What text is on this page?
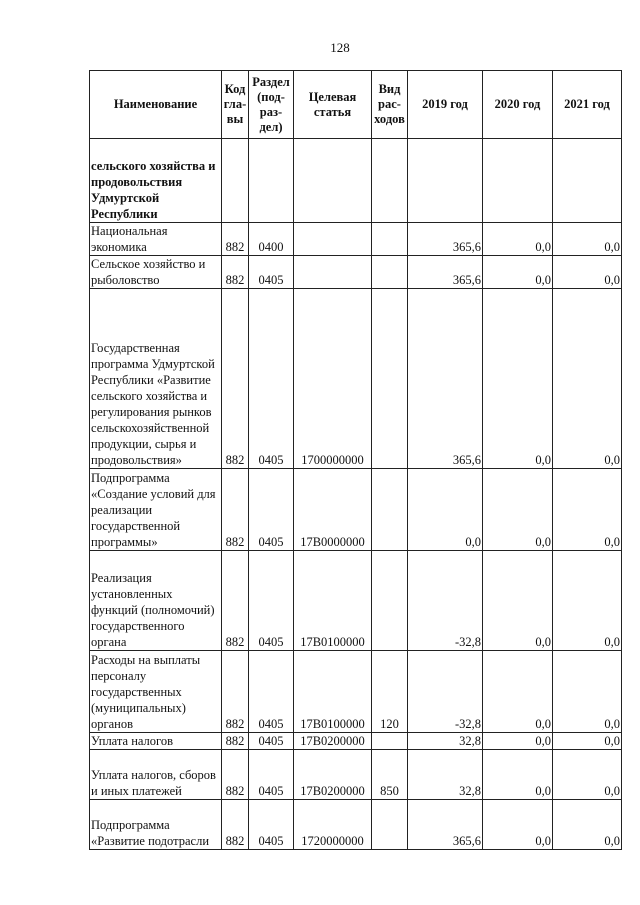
128
Наименование	Код гла-вы	Раздел (под-раз-дел)	Целевая статья	Вид рас-ходов	2019 год	2020 год	2021 год
сельского хозяйства и продовольствия Удмуртской Республики							
Национальная экономика	882	0400			365,6	0,0	0,0
Сельское хозяйство и рыболовство	882	0405			365,6	0,0	0,0
Государственная программа Удмуртской Республики «Развитие сельского хозяйства и регулирования рынков сельскохозяйственной продукции, сырья и продовольствия»	882	0405	1700000000		365,6	0,0	0,0
Подпрограмма «Создание условий для реализации государственной программы»	882	0405	17В0000000		0,0	0,0	0,0
Реализация установленных функций (полномочий) государственного органа	882	0405	17В0100000		-32,8	0,0	0,0
Расходы на выплаты персоналу государственных (муниципальных) органов	882	0405	17В0100000	120	-32,8	0,0	0,0
Уплата налогов	882	0405	17В0200000		32,8	0,0	0,0
Уплата налогов, сборов и иных платежей	882	0405	17В0200000	850	32,8	0,0	0,0
Подпрограмма «Развитие подотрасли	882	0405	1720000000		365,6	0,0	0,0
